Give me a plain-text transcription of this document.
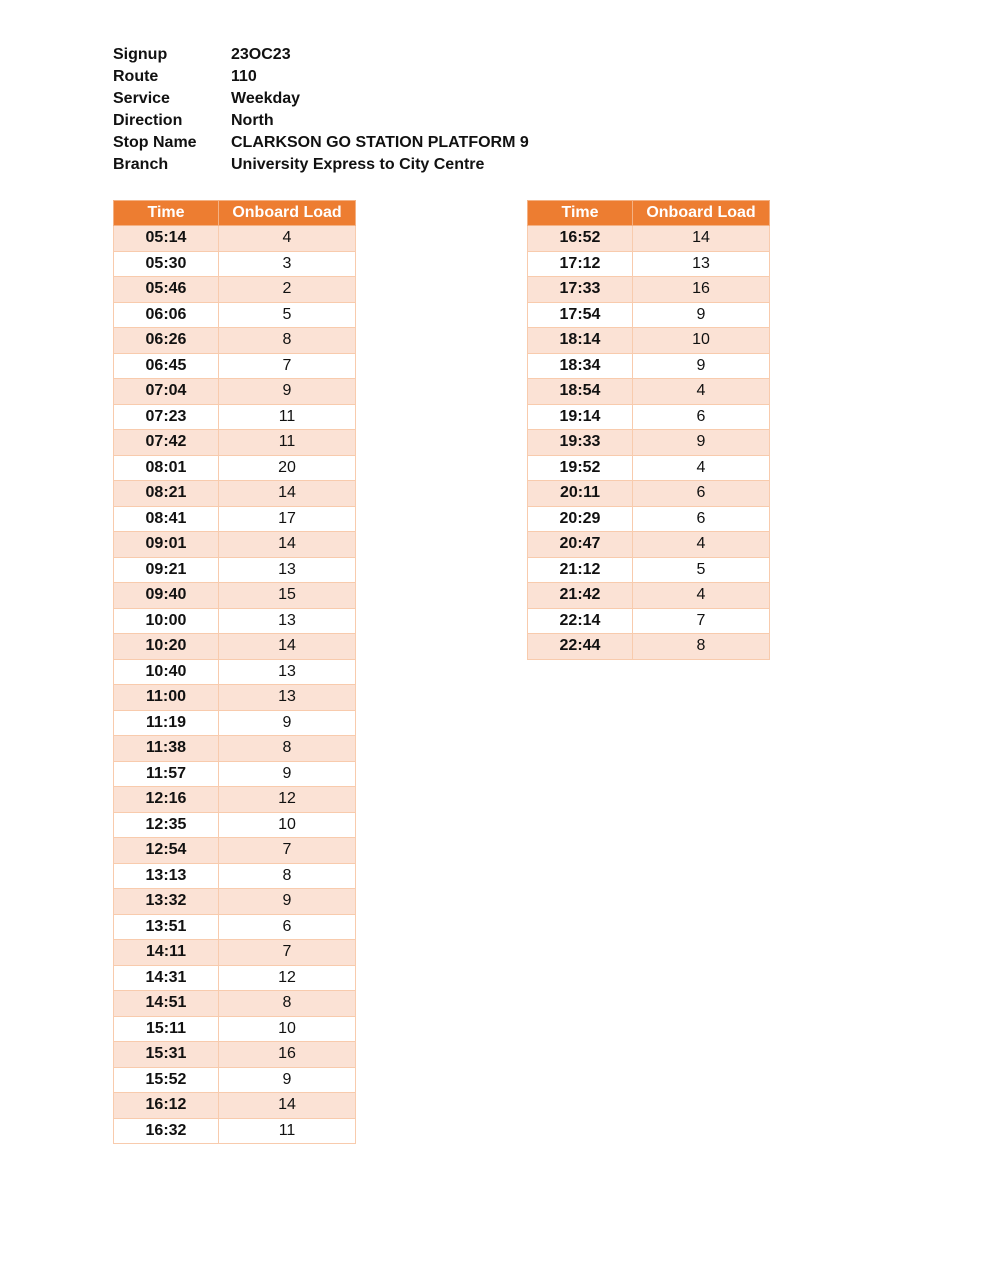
Signup	23OC23
Route	110
Service	Weekday
Direction	North
Stop Name	CLARKSON GO STATION PLATFORM 9
Branch	University Express to City Centre
Time	Onboard Load
05:14	4
05:30	3
05:46	2
06:06	5
06:26	8
06:45	7
07:04	9
07:23	11
07:42	11
08:01	20
08:21	14
08:41	17
09:01	14
09:21	13
09:40	15
10:00	13
10:20	14
10:40	13
11:00	13
11:19	9
11:38	8
11:57	9
12:16	12
12:35	10
12:54	7
13:13	8
13:32	9
13:51	6
14:11	7
14:31	12
14:51	8
15:11	10
15:31	16
15:52	9
16:12	14
16:32	11
Time	Onboard Load
16:52	14
17:12	13
17:33	16
17:54	9
18:14	10
18:34	9
18:54	4
19:14	6
19:33	9
19:52	4
20:11	6
20:29	6
20:47	4
21:12	5
21:42	4
22:14	7
22:44	8
